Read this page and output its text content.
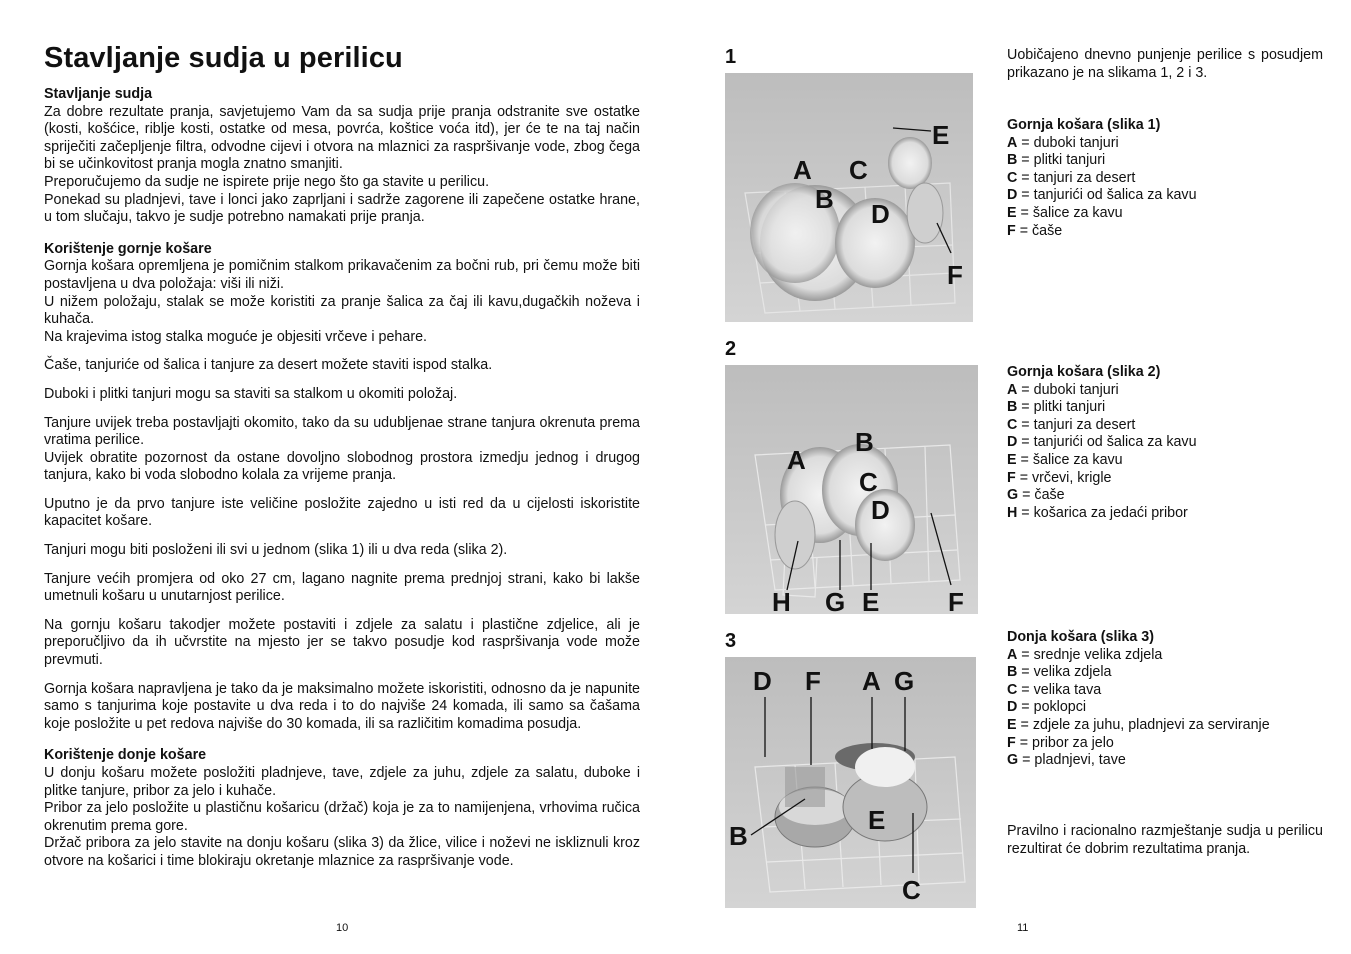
Stavljanje sudja u perilicu

Stavljanje sudja

Za dobre rezultate pranja, savjetujemo Vam da sa sudja prije pranja odstranite sve ostatke (kosti, košćice, riblje kosti, ostatke od mesa, povrća, koštice voća itd), jer će te na taj način spriječiti začepljenje filtra, odvodne cijevi i otvora na mlaznici za raspršivanje vode, zbog čega bi se učinkovitost pranja mogla znatno smanjiti.

Preporučujemo da sudje ne ispirete prije nego što ga stavite u perilicu.

Ponekad su pladnjevi, tave i lonci jako zaprljani i sadrže zagorene ili zapečene ostatke hrane, u tom slučaju, takvo je sudje potrebno namakati prije pranja.

Korištenje gornje košare

Gornja košara opremljena je pomičnim stalkom prikavačenim za bočni rub, pri čemu može biti postavljena u dva položaja: viši ili niži.

U nižem položaju, stalak se može koristiti za pranje šalica za čaj ili kavu,dugačkih noževa i kuhača.

Na krajevima istog stalka moguće je objesiti vrčeve i pehare.

Čaše, tanjuriće od šalica i tanjure za desert možete staviti ispod stalka.

Duboki i plitki tanjuri mogu sa staviti sa stalkom u okomiti položaj.

Tanjure uvijek treba postavljajti okomito, tako da su udubljenae strane tanjura okrenuta prema vratima perilice.

Uvijek obratite pozornost da ostane dovoljno slobodnog prostora izmedju jednog i drugog tanjura, kako bi voda slobodno kolala za vrijeme pranja.

Uputno je da prvo tanjure iste veličine posložite zajedno u isti red da u cijelosti iskoristite kapacitet košare.

Tanjuri mogu biti posloženi ili svi u jednom (slika 1) ili u dva reda (slika 2).

Tanjure većih promjera od oko 27 cm, lagano nagnite prema prednjoj strani, kako bi lakše umetnuli košaru u unutarnjost perilice.

Na gornju košaru takodjer možete postaviti i zdjele za salatu i plastične zdjelice, ali je preporučljivo da ih učvrstite na mjesto jer se takvo posudje kod raspršivanja vode može prevmuti.

Gornja košara napravljena je tako da je maksimalno možete iskoristiti, odnosno da je napunite samo s tanjurima koje postavite u dva reda i to do najviše 24 komada, ili samo sa čašama koje posložite u pet redova najviše do 30 komada, ili sa različitim komadima posudja.

Korištenje donje košare

U donju košaru možete posložiti pladnjeve, tave, zdjele za juhu, zdjele za salatu, duboke i plitke tanjure, pribor za jelo i kuhače.

Pribor za jelo posložite u plastičnu košaricu (držač) koja je za to namijenjena, vrhovima ručica okrenutim prema gore.

Držač pribora za jelo stavite na donju košaru (slika 3) da žlice, vilice i noževi ne iskliznuli kroz otvore na košarici i time blokiraju okretanje mlaznice za raspršivanje vode.

10
1
2
3
A
B
C
D
E
F
A
B
C
D
E	F
G
H
A
B
C
D
E
F	G

Uobičajeno dnevno punjenje perilice s posudjem prikazano je na slikama 1, 2 i 3.

Gornja košara (slika 1)

A = duboki tanjuri

B = plitki tanjuri

C = tanjuri za desert

D = tanjurići od šalica za kavu

E = šalice za kavu

F = čaše

Gornja košara (slika 2)

A = duboki tanjuri

B = plitki tanjuri

C = tanjuri za desert

D = tanjurići od šalica za kavu

E = šalice za kavu

F = vrčevi, krigle

G = čaše

H = košarica za jedaći pribor

Donja košara (slika 3)

A = srednje velika zdjela

B = velika zdjela

C = velika tava

D = poklopci

E = zdjele za juhu, pladnjevi za serviranje

F = pribor za jelo

G = pladnjevi, tave

Pravilno i racionalno razmještanje sudja u perilicu rezultirat će dobrim rezultatima pranja.

11
